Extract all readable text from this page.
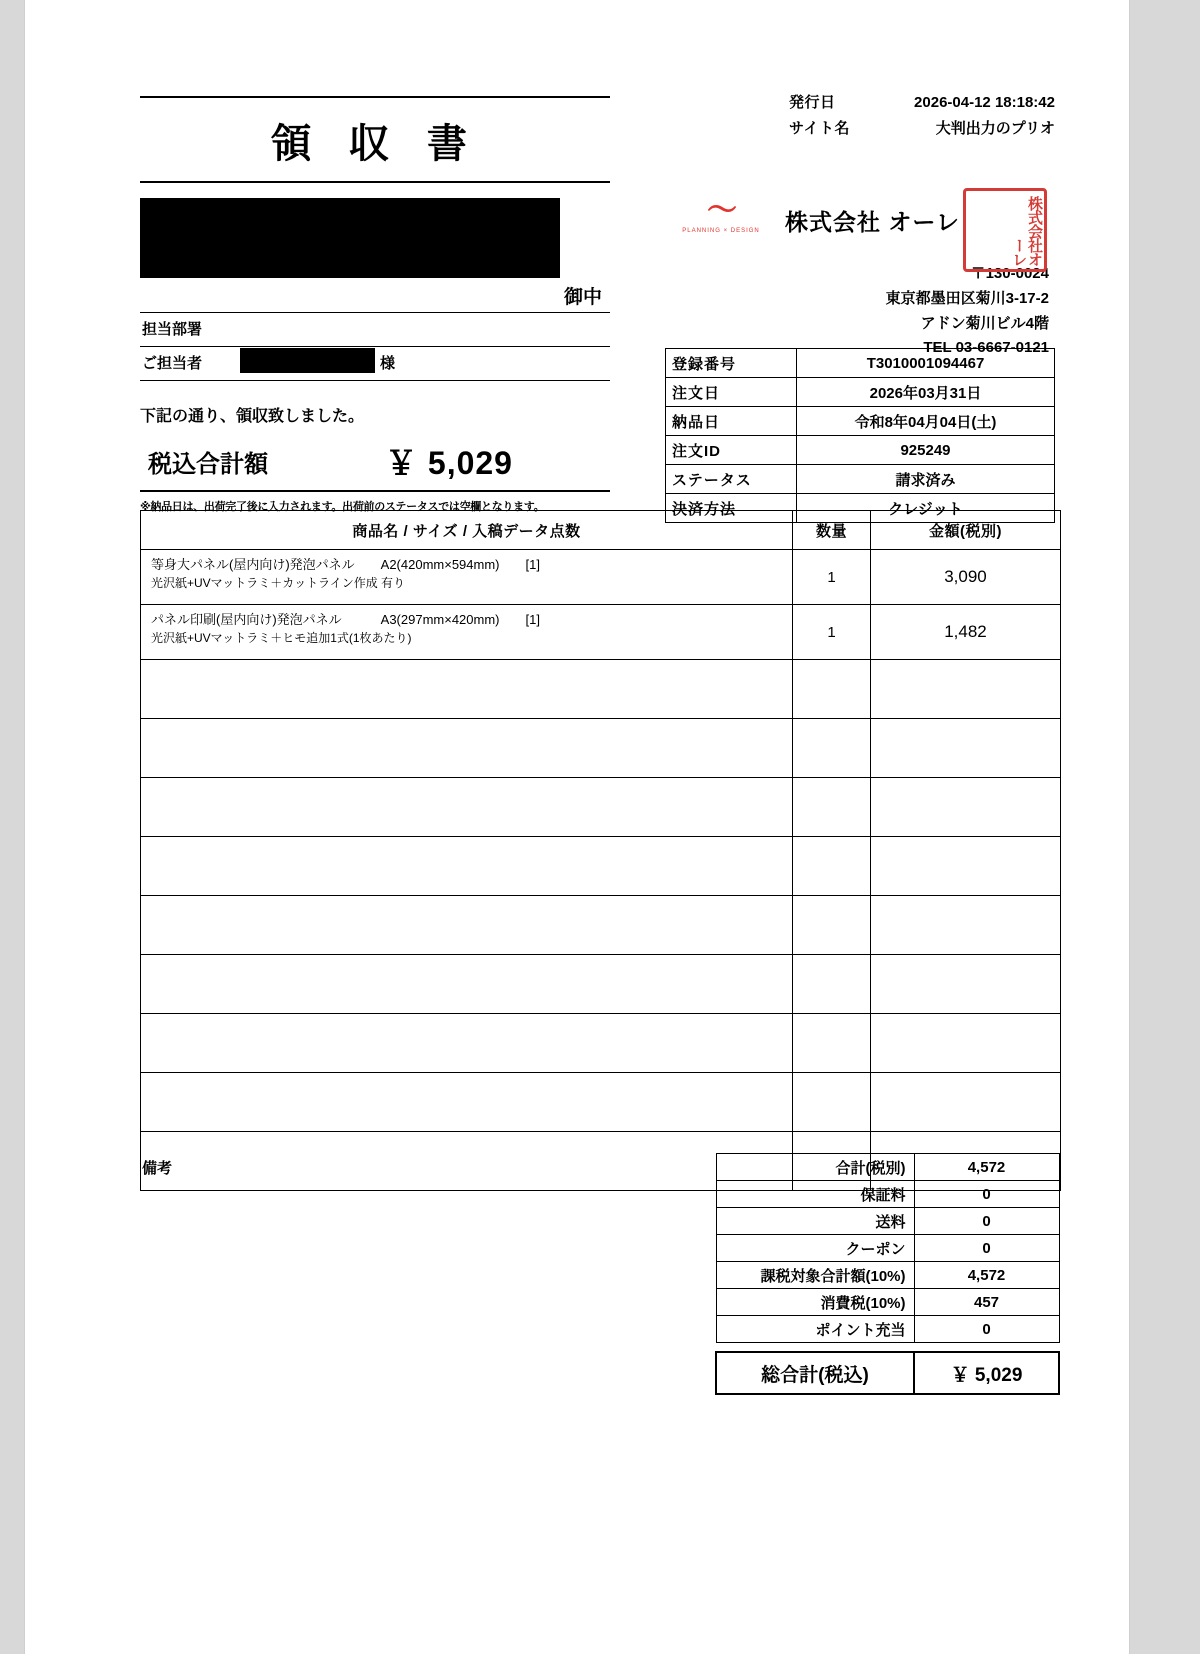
発行日	2026-04-12 18:18:42
サイト名	大判出力のプリオ
領 収 書
御中
担当部署
ご担当者	様
下記の通り、領収致しました。
税込合計額	￥ 5,029
※納品日は、出荷完了後に入力されます。出荷前のステータスでは空欄となります。
〜
PLANNING × DESIGN	株式会社 オーレ	株式会社オーレ
〒130-0024
東京都墨田区菊川3-17-2
アドン菊川ビル4階
TEL 03-6667-0121
登録番号	T3010001094467
注文日	2026年03月31日
納品日	令和8年04月04日(土)
注文ID	925249
ステータス	請求済み
決済方法	クレジット
商品名 / サイズ / 入稿データ点数	数量	金額(税別)

等身大パネル(屋内向け)発泡パネル　　A2(420mm×594mm)　　[1]
光沢紙+UVマットラミ＋カットライン作成 有り	1	3,090

パネル印刷(屋内向け)発泡パネル　　　A3(297mm×420mm)　　[1]
光沢紙+UVマットラミ＋ヒモ追加1式(1枚あたり)	1	1,482

備考	合計(税別)	4,572
保証料	0
送料	0
クーポン	0
課税対象合計額(10%)	4,572
消費税(10%)	457
ポイント充当	0

総合計(税込)	￥ 5,029
